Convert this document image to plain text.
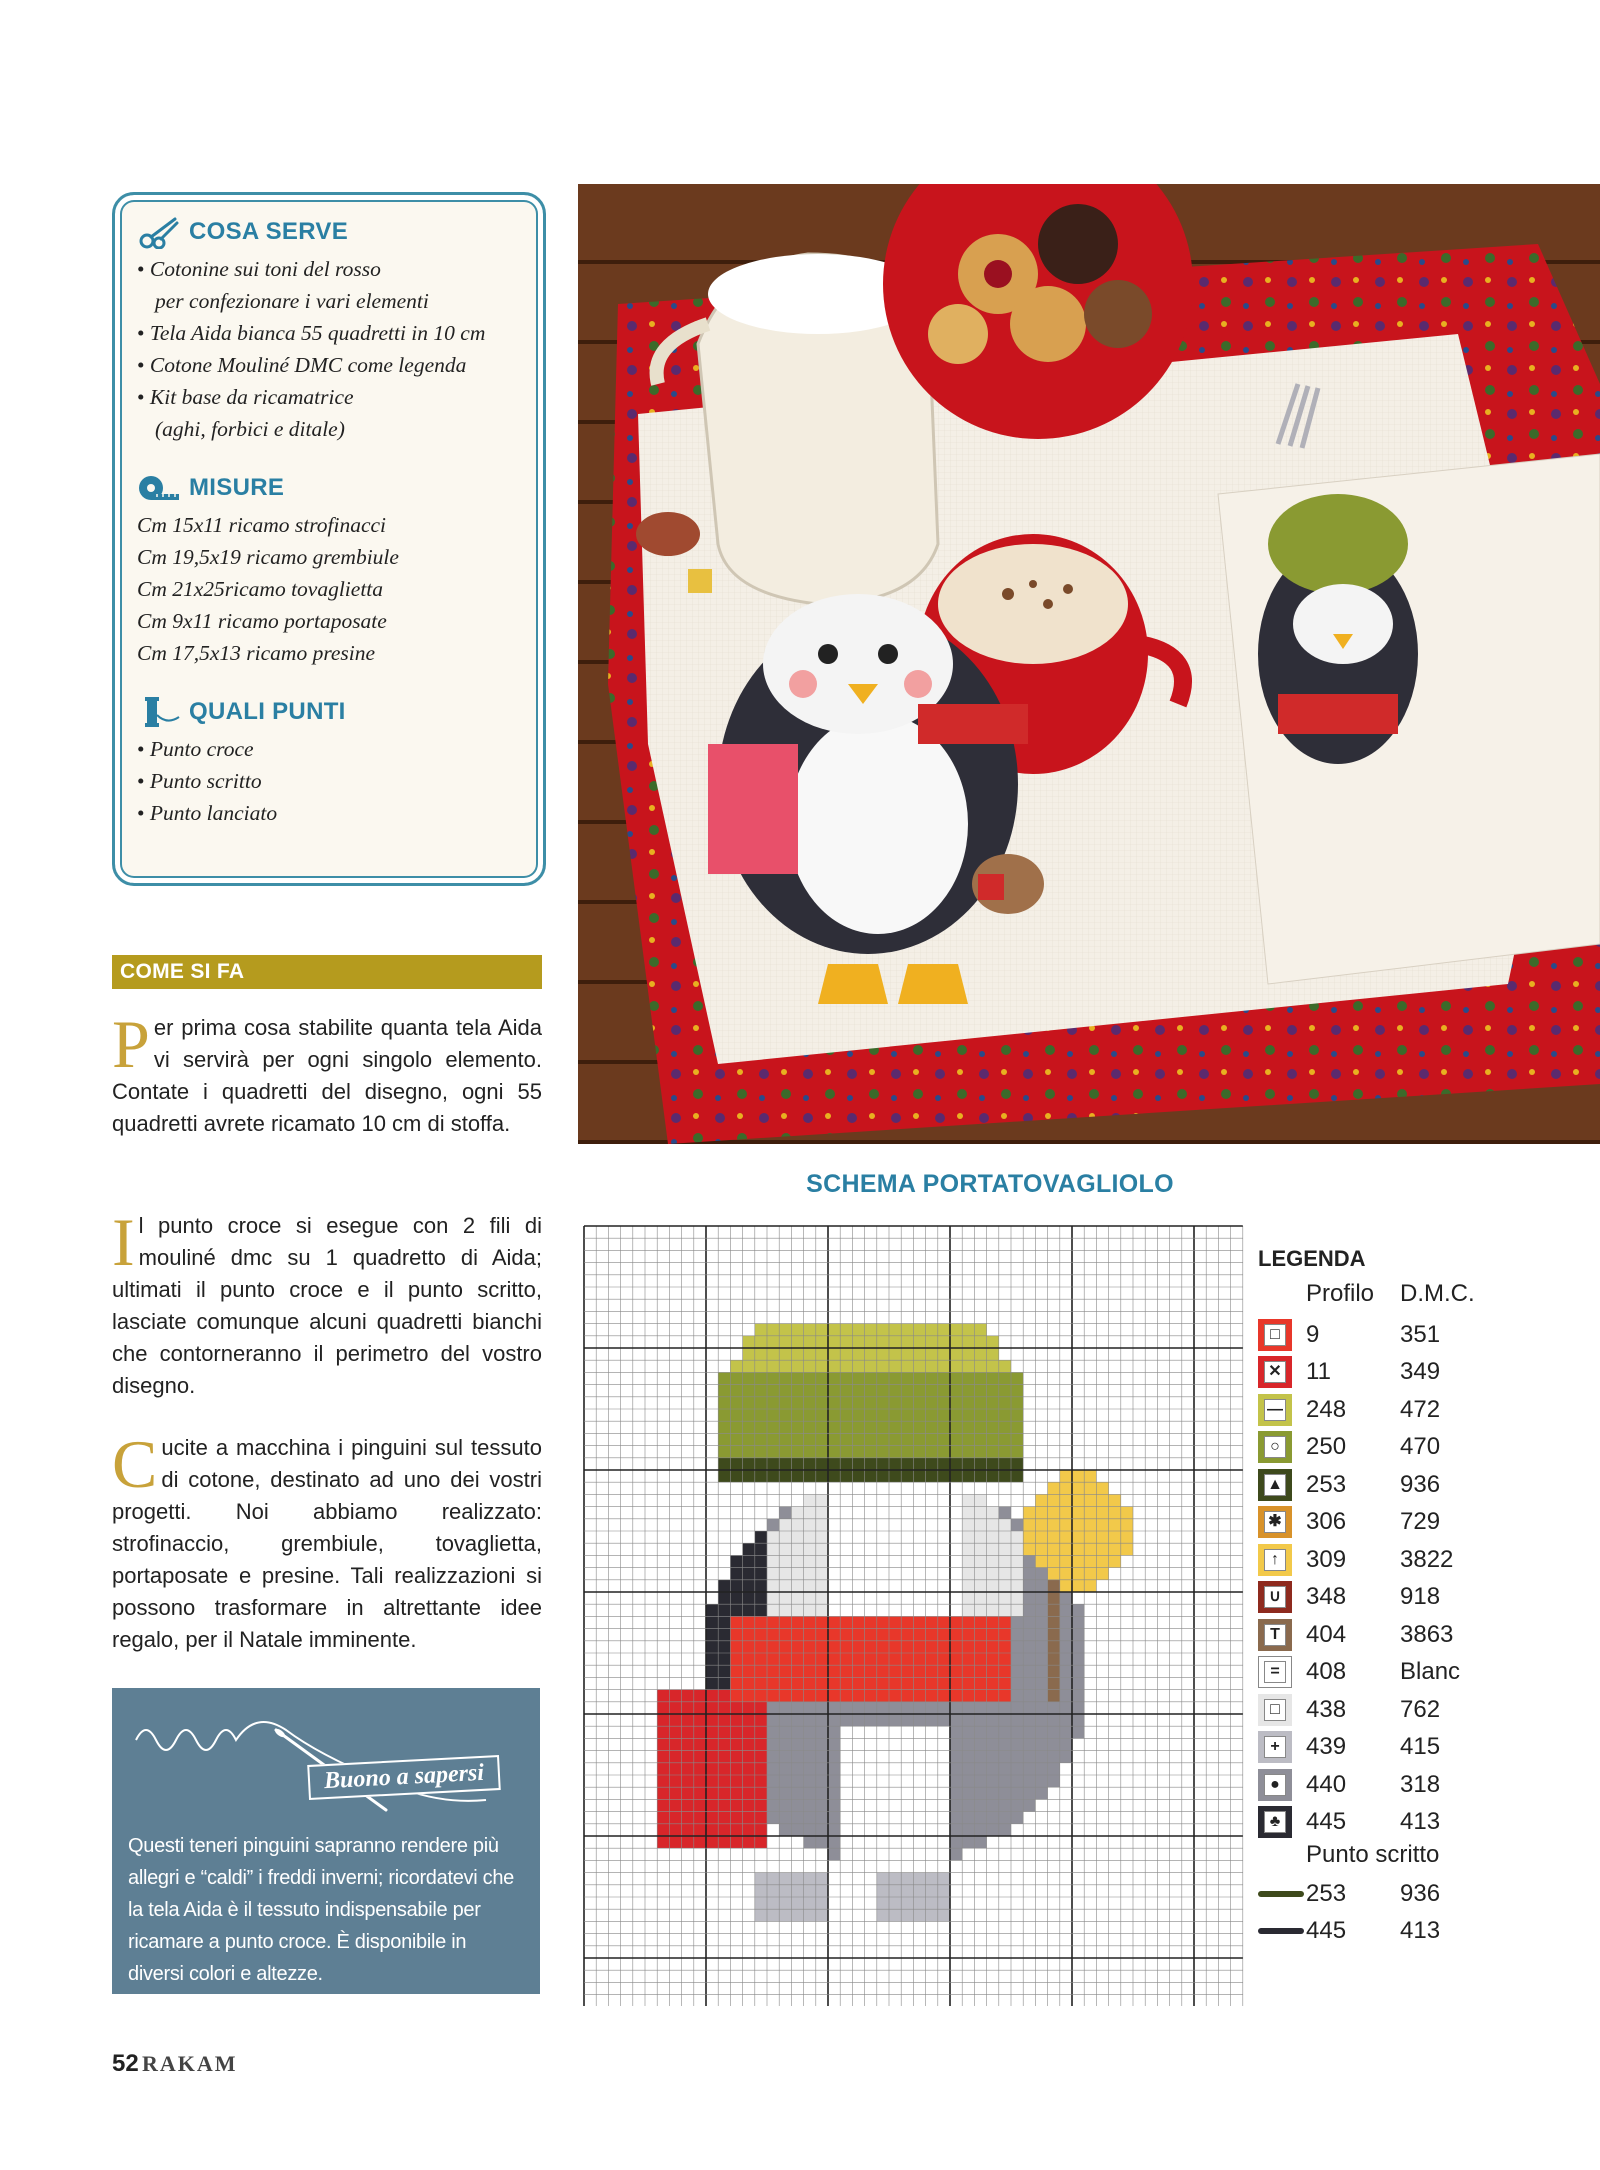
COSA SERVE
• Cotonine sui toni del rosso
per confezionare i vari elementi
• Tela Aida bianca 55 quadretti in 10 cm
• Cotone Mouliné DMC come legenda
• Kit base da ricamatrice
(aghi, forbici e ditale)
MISURE
Cm 15x11 ricamo strofinacci
Cm 19,5x19 ricamo grembiule
Cm 21x25ricamo tovaglietta
Cm 9x11 ricamo portaposate
Cm 17,5x13 ricamo presine
QUALI PUNTI
• Punto croce
• Punto scritto
• Punto lanciato
COME SI FA
Per prima cosa stabilite quanta tela Aida vi servirà per ogni singolo elemento. Contate i quadretti del disegno, ogni 55 quadretti avrete ricamato 10 cm di stoffa.
Il punto croce si esegue con 2 fili di mouliné dmc su 1 quadretto di Aida; ultimati il punto croce e il punto scritto, lasciate comunque alcuni quadretti bianchi che contorneranno il perimetro del vostro disegno.
Cucite a macchina i pinguini sul tessuto di cotone, destinato ad uno dei vostri progetti. Noi abbiamo realizzato: strofinaccio, grembiule, tovaglietta, portaposate e presine. Tali realizzazioni si possono trasformare in altrettante idee regalo, per il Natale imminente.
Buono a sapersi
Questi teneri pinguini sapranno rendere più allegri e “caldi” i freddi inverni; ricordatevi che la tela Aida è il tessuto indispensabile per ricamare a punto croce. È disponibile in diversi colori e altezze.
52 RAKAM
SCHEMA PORTATOVAGLIOLO
LEGENDA
Profilo	D.M.C.
□ 9	351
✕ 11	349
— 248	472
○ 250	470
▲ 253	936
✱ 306	729
↑ 309	3822
∪ 348	918
T 404	3863
= 408	Blanc
□ 438	762
+ 439	415
● 440	318
♣ 445	413
Punto scritto
253	936
445	413
